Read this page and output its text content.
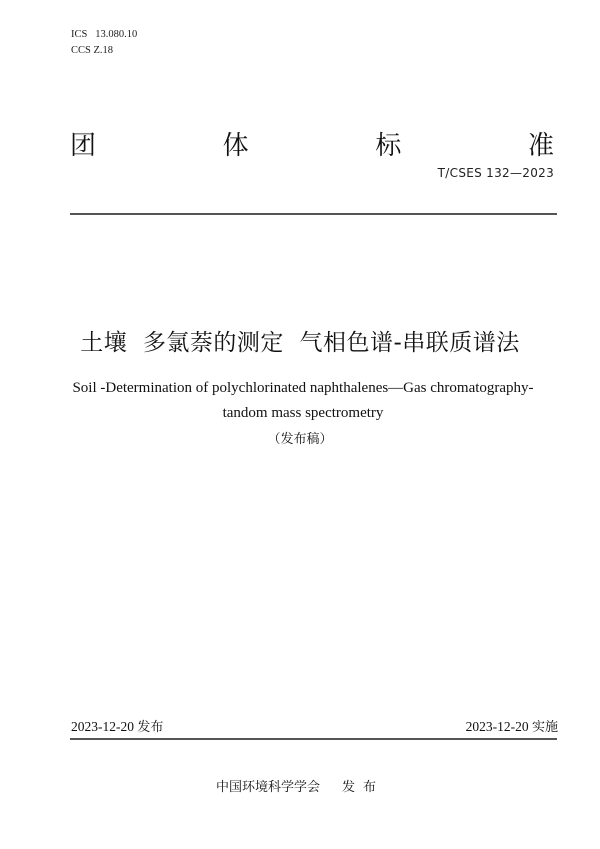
ICS 13.080.10
CCS Z.18
团	体	标	准
T/CSES 132—2023
土壤  多氯萘的测定  气相色谱-串联质谱法
Soil -Determination of polychlorinated naphthalenes—Gas chromatography-tandom mass spectrometry
（发布稿）
2023-12-20 发布	2023-12-20 实施
中国环境科学学会 发布
